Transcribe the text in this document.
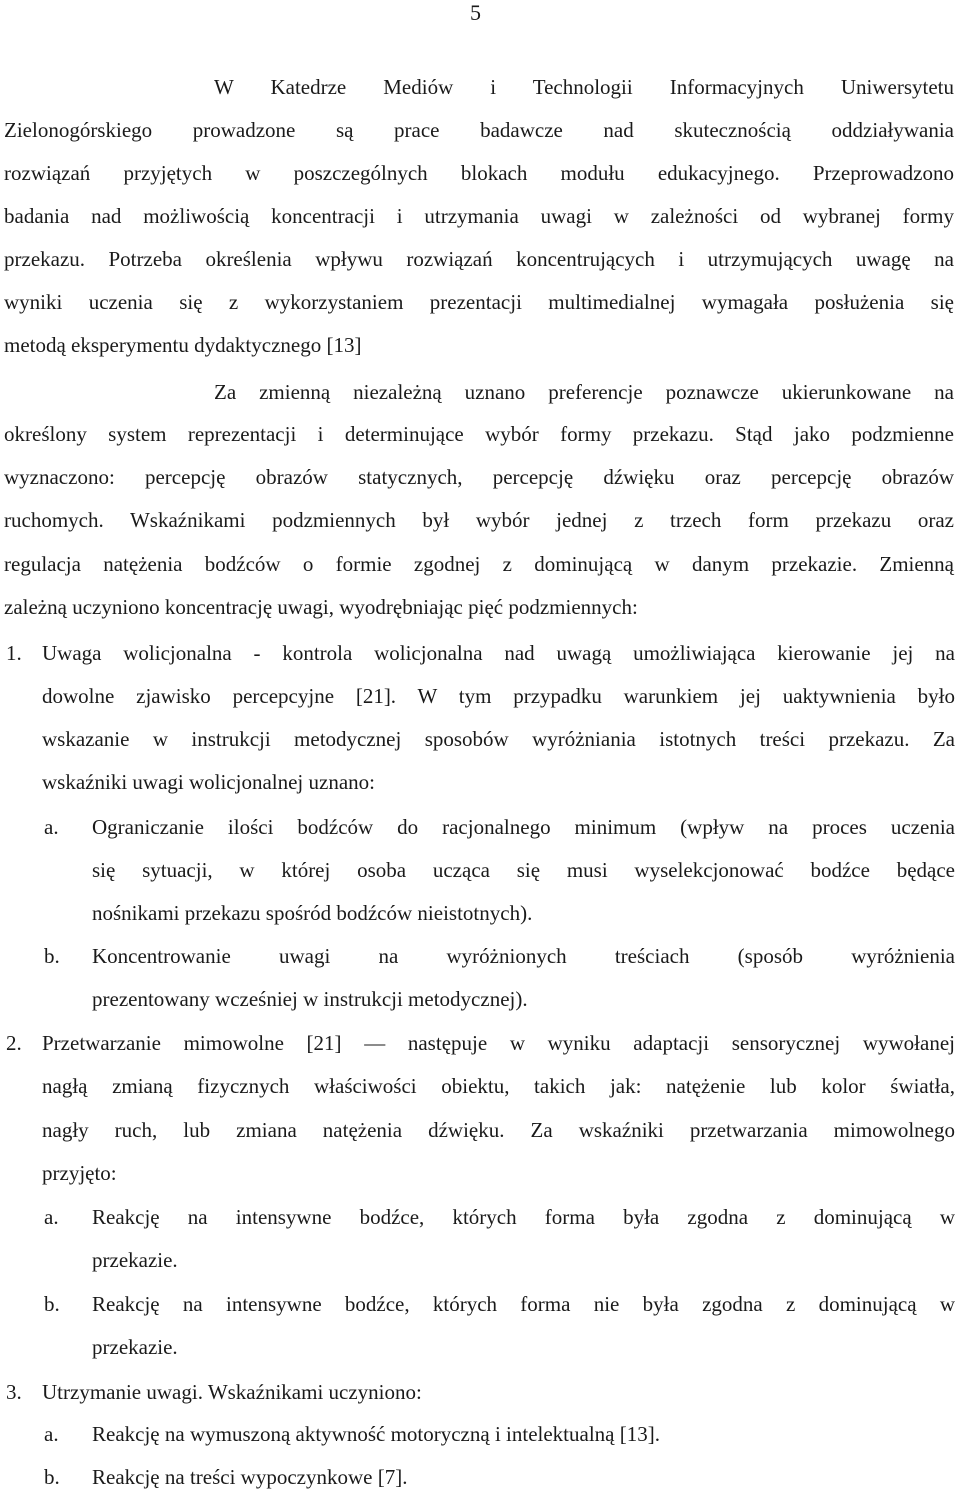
5
W Katedrze Mediów i Technologii Informacyjnych Uniwersytetu
Zielonogórskiego prowadzone są prace badawcze nad skutecznością oddziaływania
rozwiązań przyjętych w poszczególnych blokach modułu edukacyjnego. Przeprowadzono
badania nad możliwością koncentracji i utrzymania uwagi w zależności od wybranej formy
przekazu. Potrzeba określenia wpływu rozwiązań koncentrujących i utrzymujących uwagę na
wyniki uczenia się z wykorzystaniem prezentacji multimedialnej wymagała posłużenia się
metodą eksperymentu dydaktycznego [13]
Za zmienną niezależną uznano preferencje poznawcze ukierunkowane na
określony system reprezentacji i determinujące wybór formy przekazu. Stąd jako podzmienne
wyznaczono: percepcję obrazów statycznych, percepcję dźwięku oraz percepcję obrazów
ruchomych. Wskaźnikami podzmiennych był wybór jednej z trzech form przekazu oraz
regulacja natężenia bodźców o formie zgodnej z dominującą w danym przekazie. Zmienną
zależną uczyniono koncentrację uwagi, wyodrębniając pięć podzmiennych:
1. Uwaga wolicjonalna - kontrola wolicjonalna nad uwagą umożliwiająca kierowanie jej na
dowolne zjawisko percepcyjne [21]. W tym przypadku warunkiem jej uaktywnienia było
wskazanie w instrukcji metodycznej sposobów wyróżniania istotnych treści przekazu. Za
wskaźniki uwagi wolicjonalnej uznano:
a. Ograniczanie ilości bodźców do racjonalnego minimum (wpływ na proces uczenia
się sytuacji, w której osoba ucząca się musi wyselekcjonować bodźce będące
nośnikami przekazu spośród bodźców nieistotnych).
b. Koncentrowanie uwagi na wyróżnionych treściach (sposób wyróżnienia
prezentowany wcześniej w instrukcji metodycznej).
2. Przetwarzanie mimowolne [21] — następuje w wyniku adaptacji sensorycznej wywołanej
nagłą zmianą fizycznych właściwości obiektu, takich jak: natężenie lub kolor światła,
nagły ruch, lub zmiana natężenia dźwięku. Za wskaźniki przetwarzania mimowolnego
przyjęto:
a. Reakcję na intensywne bodźce, których forma była zgodna z dominującą w
przekazie.
b. Reakcję na intensywne bodźce, których forma nie była zgodna z dominującą w
przekazie.
3. Utrzymanie uwagi. Wskaźnikami uczyniono:
a. Reakcję na wymuszoną aktywność motoryczną i intelektualną [13].
b. Reakcję na treści wypoczynkowe [7].
